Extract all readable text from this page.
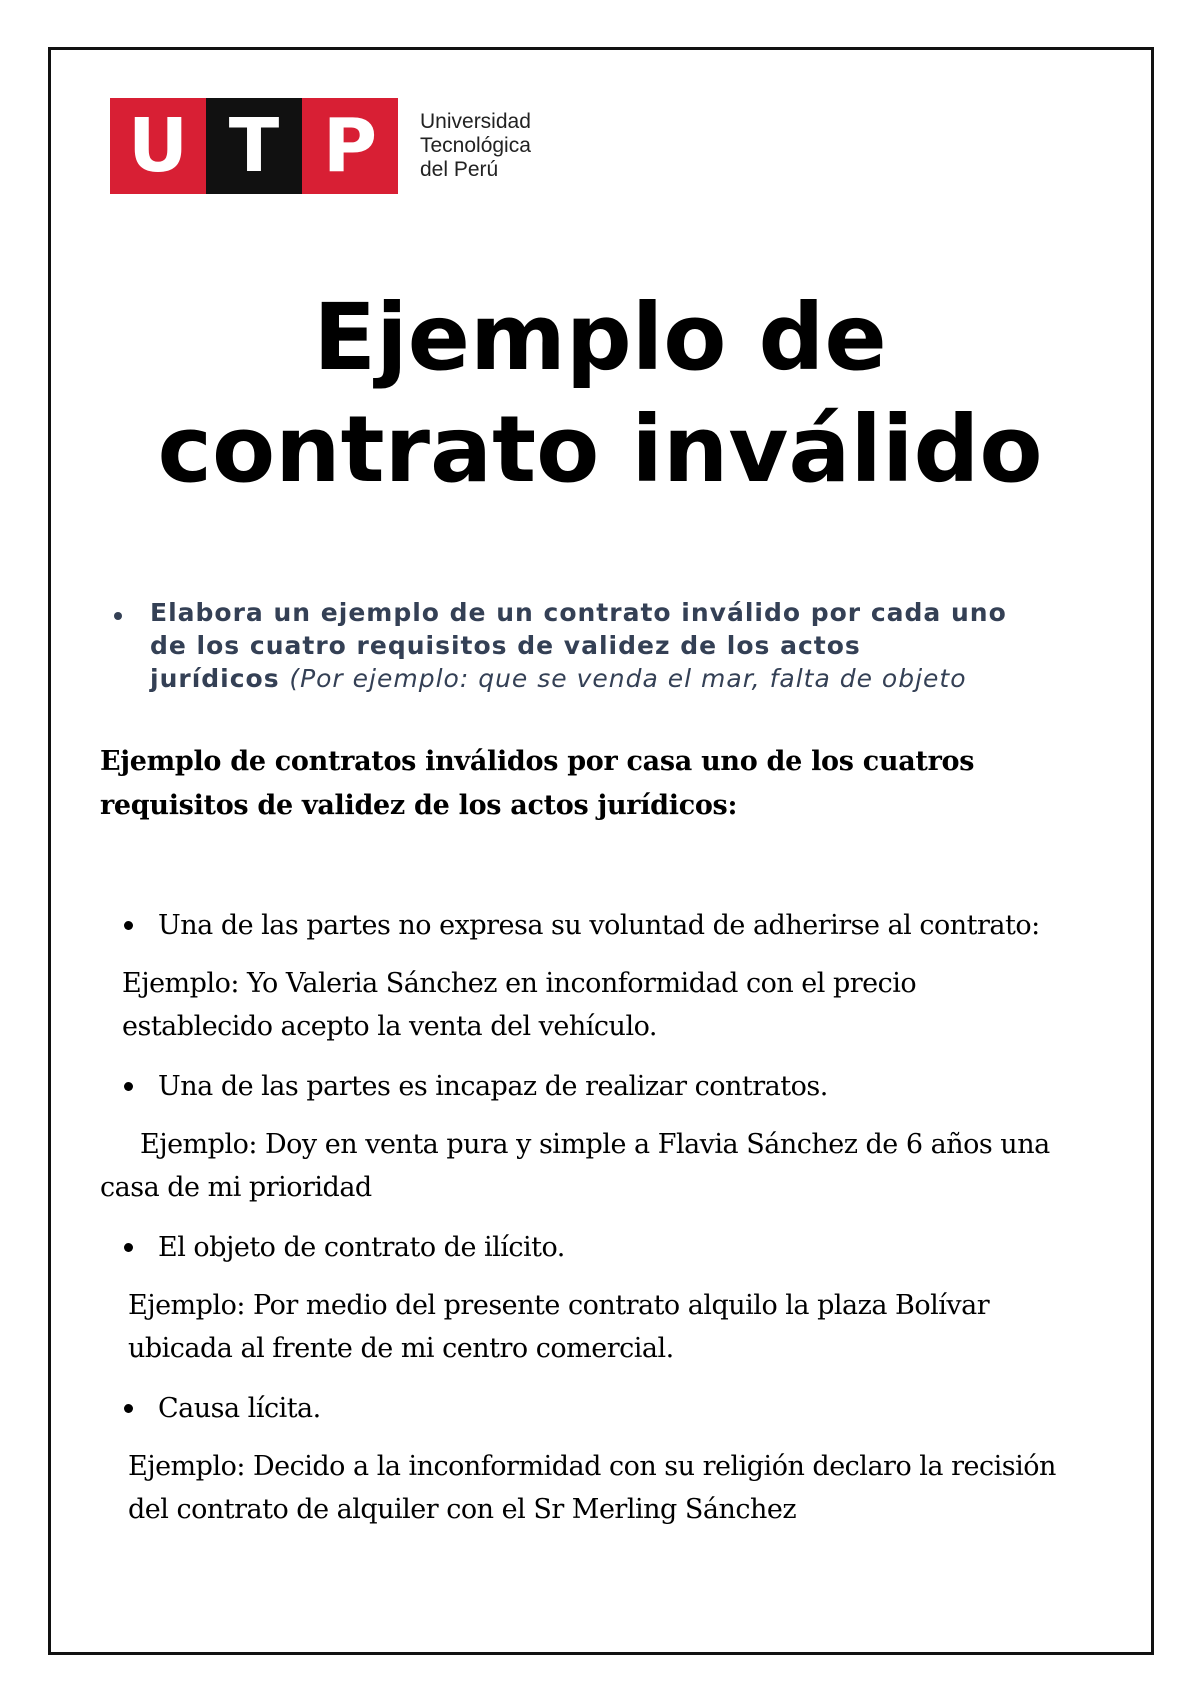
U T P	Universidad
Tecnológica
del Perú
Ejemplo de
contrato inválido
Elabora un ejemplo de un contrato inválido por cada uno
de los cuatro requisitos de validez de los actos
jurídicos (Por ejemplo: que se venda el mar, falta de objeto
Ejemplo de contratos inválidos por casa uno de los cuatros
requisitos de validez de los actos jurídicos:
Una de las partes no expresa su voluntad de adherirse al contrato:
Ejemplo: Yo Valeria Sánchez en inconformidad con el precio
establecido acepto la venta del vehículo.
Una de las partes es incapaz de realizar contratos.
Ejemplo: Doy en venta pura y simple a Flavia Sánchez de 6 años una
casa de mi prioridad
El objeto de contrato de ilícito.
Ejemplo: Por medio del presente contrato alquilo la plaza Bolívar
ubicada al frente de mi centro comercial.
Causa lícita.
Ejemplo: Decido a la inconformidad con su religión declaro la recisión
del contrato de alquiler con el Sr Merling Sánchez
